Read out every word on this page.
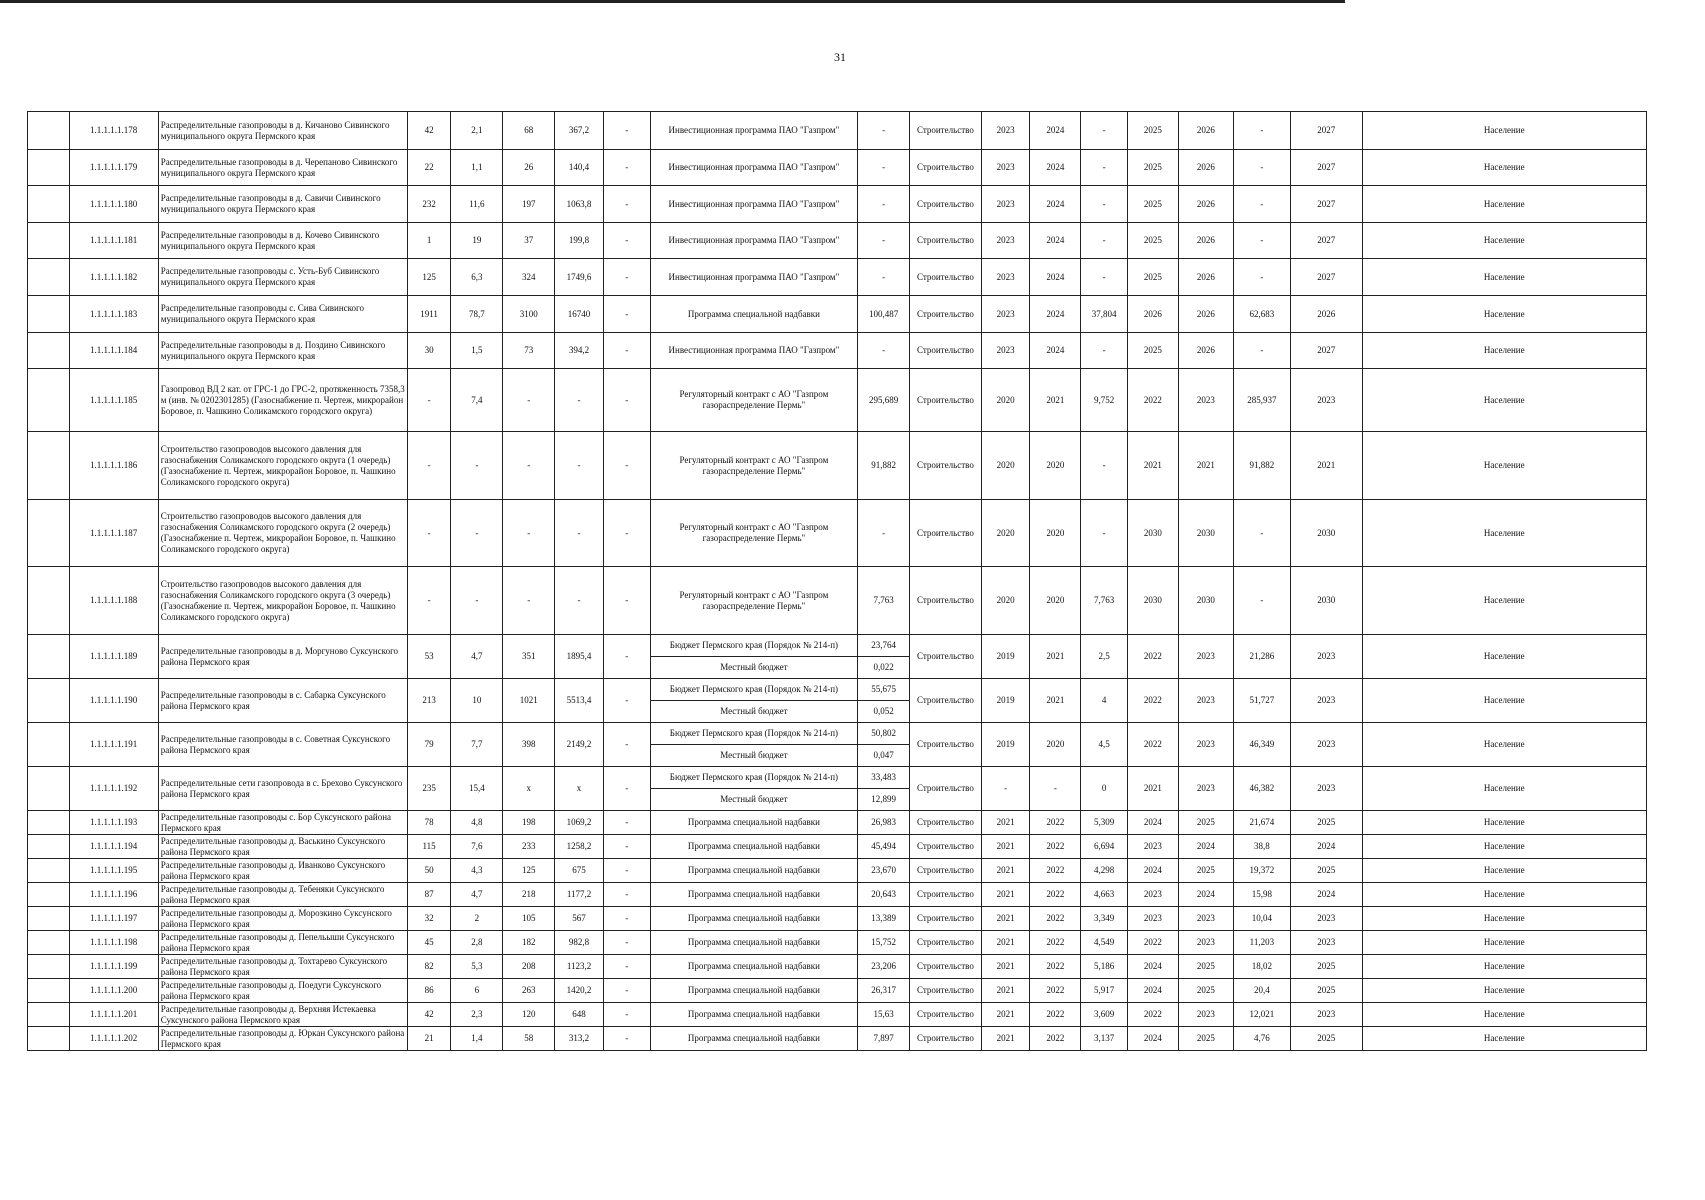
31
	1.1.1.1.1.178	Распределительные газопроводы в д. Кичаново Сивинского муниципального округа Пермского края	42	2,1	68	367,2	-	Инвестиционная программа ПАО "Газпром"	-	Строительство	2023	2024	-	2025	2026	-	2027	Население
	1.1.1.1.1.179	Распределительные газопроводы в д. Черепаново Сивинского муниципального округа Пермского края	22	1,1	26	140,4	-	Инвестиционная программа ПАО "Газпром"	-	Строительство	2023	2024	-	2025	2026	-	2027	Население
	1.1.1.1.1.180	Распределительные газопроводы в д. Савичи Сивинского муниципального округа Пермского края	232	11,6	197	1063,8	-	Инвестиционная программа ПАО "Газпром"	-	Строительство	2023	2024	-	2025	2026	-	2027	Население
	1.1.1.1.1.181	Распределительные газопроводы в д. Кочево Сивинского муниципального округа Пермского края	1	19	37	199,8	-	Инвестиционная программа ПАО "Газпром"	-	Строительство	2023	2024	-	2025	2026	-	2027	Население
	1.1.1.1.1.182	Распределительные газопроводы с. Усть-Буб Сивинского муниципального округа Пермского края	125	6,3	324	1749,6	-	Инвестиционная программа ПАО "Газпром"	-	Строительство	2023	2024	-	2025	2026	-	2027	Население
	1.1.1.1.1.183	Распределительные газопроводы с. Сива Сивинского муниципального округа Пермского края	1911	78,7	3100	16740	-	Программа специальной надбавки	100,487	Строительство	2023	2024	37,804	2026	2026	62,683	2026	Население
	1.1.1.1.1.184	Распределительные газопроводы в д. Поздино Сивинского муниципального округа Пермского края	30	1,5	73	394,2	-	Инвестиционная программа ПАО "Газпром"	-	Строительство	2023	2024	-	2025	2026	-	2027	Население
	1.1.1.1.1.185	Газопровод ВД 2 кат. от ГРС-1 до ГРС-2, протяженность 7358,3 м (инв. № 0202301285) (Газоснабжение п. Чертеж, микрорайон Боровое, п. Чашкино Соликамского городского округа)	-	7,4	-	-	-	Регуляторный контракт с АО "Газпром газораспределение Пермь"	295,689	Строительство	2020	2021	9,752	2022	2023	285,937	2023	Население
	1.1.1.1.1.186	Строительство газопроводов высокого давления для газоснабжения Соликамского городского округа (1 очередь)(Газоснабжение п. Чертеж, микрорайон Боровое, п. Чашкино Соликамского городского округа)	-	-	-	-	-	Регуляторный контракт с АО "Газпром газораспределение Пермь"	91,882	Строительство	2020	2020	-	2021	2021	91,882	2021	Население
	1.1.1.1.1.187	Строительство газопроводов высокого давления для газоснабжения Соликамского городского округа (2 очередь)(Газоснабжение п. Чертеж, микрорайон Боровое, п. Чашкино Соликамского городского округа)	-	-	-	-	-	Регуляторный контракт с АО "Газпром газораспределение Пермь"	-	Строительство	2020	2020	-	2030	2030	-	2030	Население
	1.1.1.1.1.188	Строительство газопроводов высокого давления для газоснабжения Соликамского городского округа (3 очередь)(Газоснабжение п. Чертеж, микрорайон Боровое, п. Чашкино Соликамского городского округа)	-	-	-	-	-	Регуляторный контракт с АО "Газпром газораспределение Пермь"	7,763	Строительство	2020	2020	7,763	2030	2030	-	2030	Население
	1.1.1.1.1.189	Распределительные газопроводы в д. Моргуново Суксунского района Пермского края	53	4,7	351	1895,4	-	Бюджет Пермского края (Порядок № 214-п)	23,764	Строительство	2019	2021	2,5	2022	2023	21,286	2023	Население
								Местный бюджет	0,022									
	1.1.1.1.1.190	Распределительные газопроводы в с. Сабарка Суксунского района Пермского края	213	10	1021	5513,4	-	Бюджет Пермского края (Порядок № 214-п)	55,675	Строительство	2019	2021	4	2022	2023	51,727	2023	Население
								Местный бюджет	0,052									
	1.1.1.1.1.191	Распределительные газопроводы в с. Советная Суксунского района Пермского края	79	7,7	398	2149,2	-	Бюджет Пермского края (Порядок № 214-п)	50,802	Строительство	2019	2020	4,5	2022	2023	46,349	2023	Население
								Местный бюджет	0,047									
	1.1.1.1.1.192	Распределительные сети газопровода в с. Брехово Суксунского района Пермского края	235	15,4	х	х	-	Бюджет Пермского края (Порядок № 214-п)	33,483	Строительство	-	-	0	2021	2023	46,382	2023	Население
								Местный бюджет	12,899									
	1.1.1.1.1.193	Распределительные газопроводы с. Бор Суксунского района Пермского края	78	4,8	198	1069,2	-	Программа специальной надбавки	26,983	Строительство	2021	2022	5,309	2024	2025	21,674	2025	Население
	1.1.1.1.1.194	Распределительные газопроводы д. Васькино Суксунского района Пермского края	115	7,6	233	1258,2	-	Программа специальной надбавки	45,494	Строительство	2021	2022	6,694	2023	2024	38,8	2024	Население
	1.1.1.1.1.195	Распределительные газопроводы д. Иванково Суксунского района Пермского края	50	4,3	125	675	-	Программа специальной надбавки	23,670	Строительство	2021	2022	4,298	2024	2025	19,372	2025	Население
	1.1.1.1.1.196	Распределительные газопроводы д. Тебеняки Суксунского района Пермского края	87	4,7	218	1177,2	-	Программа специальной надбавки	20,643	Строительство	2021	2022	4,663	2023	2024	15,98	2024	Население
	1.1.1.1.1.197	Распределительные газопроводы д. Морозкино Суксунского района Пермского края	32	2	105	567	-	Программа специальной надбавки	13,389	Строительство	2021	2022	3,349	2023	2023	10,04	2023	Население
	1.1.1.1.1.198	Распределительные газопроводы д. Пепельыши Суксунского района Пермского края	45	2,8	182	982,8	-	Программа специальной надбавки	15,752	Строительство	2021	2022	4,549	2022	2023	11,203	2023	Население
	1.1.1.1.1.199	Распределительные газопроводы д. Тохтарево Суксунского района Пермского края	82	5,3	208	1123,2	-	Программа специальной надбавки	23,206	Строительство	2021	2022	5,186	2024	2025	18,02	2025	Население
	1.1.1.1.1.200	Распределительные газопроводы д. Поедуги Суксунского района Пермского края	86	6	263	1420,2	-	Программа специальной надбавки	26,317	Строительство	2021	2022	5,917	2024	2025	20,4	2025	Население
	1.1.1.1.1.201	Распределительные газопроводы д. Верхняя Истекаевка Суксунского района Пермского края	42	2,3	120	648	-	Программа специальной надбавки	15,63	Строительство	2021	2022	3,609	2022	2023	12,021	2023	Население
	1.1.1.1.1.202	Распределительные газопроводы д. Юркан Суксунского района Пермского края	21	1,4	58	313,2	-	Программа специальной надбавки	7,897	Строительство	2021	2022	3,137	2024	2025	4,76	2025	Население
